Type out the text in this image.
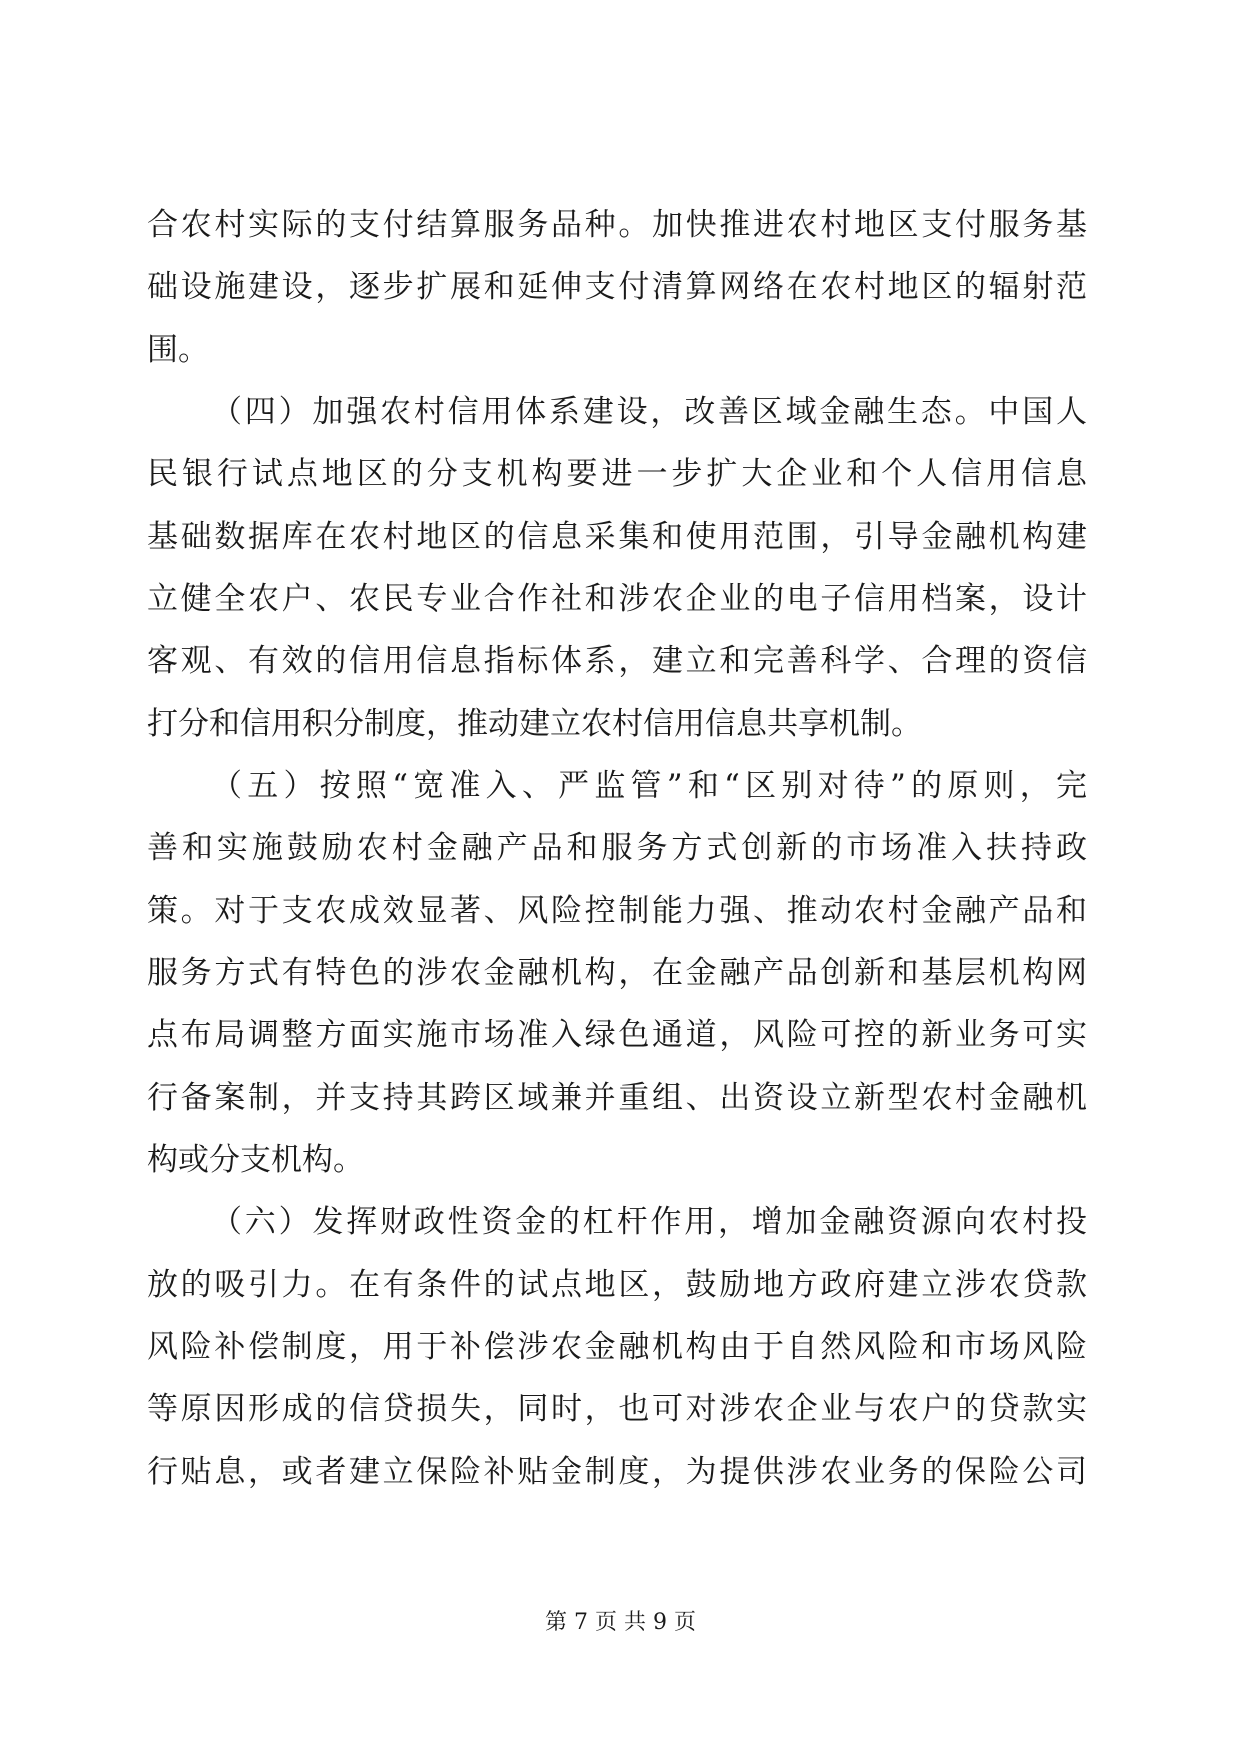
合农村实际的支付结算服务品种。加快推进农村地区支付服务基
础设施建设，逐步扩展和延伸支付清算网络在农村地区的辐射范
围。
（四）加强农村信用体系建设，改善区域金融生态。中国人
民银行试点地区的分支机构要进一步扩大企业和个人信用信息
基础数据库在农村地区的信息采集和使用范围，引导金融机构建
立健全农户、农民专业合作社和涉农企业的电子信用档案，设计
客观、有效的信用信息指标体系，建立和完善科学、合理的资信
打分和信用积分制度，推动建立农村信用信息共享机制。
（五）按照“宽准入、严监管”和“区别对待”的原则，完
善和实施鼓励农村金融产品和服务方式创新的市场准入扶持政
策。对于支农成效显著、风险控制能力强、推动农村金融产品和
服务方式有特色的涉农金融机构，在金融产品创新和基层机构网
点布局调整方面实施市场准入绿色通道，风险可控的新业务可实
行备案制，并支持其跨区域兼并重组、出资设立新型农村金融机
构或分支机构。
（六）发挥财政性资金的杠杆作用，增加金融资源向农村投
放的吸引力。在有条件的试点地区，鼓励地方政府建立涉农贷款
风险补偿制度，用于补偿涉农金融机构由于自然风险和市场风险
等原因形成的信贷损失，同时，也可对涉农企业与农户的贷款实
行贴息，或者建立保险补贴金制度，为提供涉农业务的保险公司
第 7 页 共 9 页
